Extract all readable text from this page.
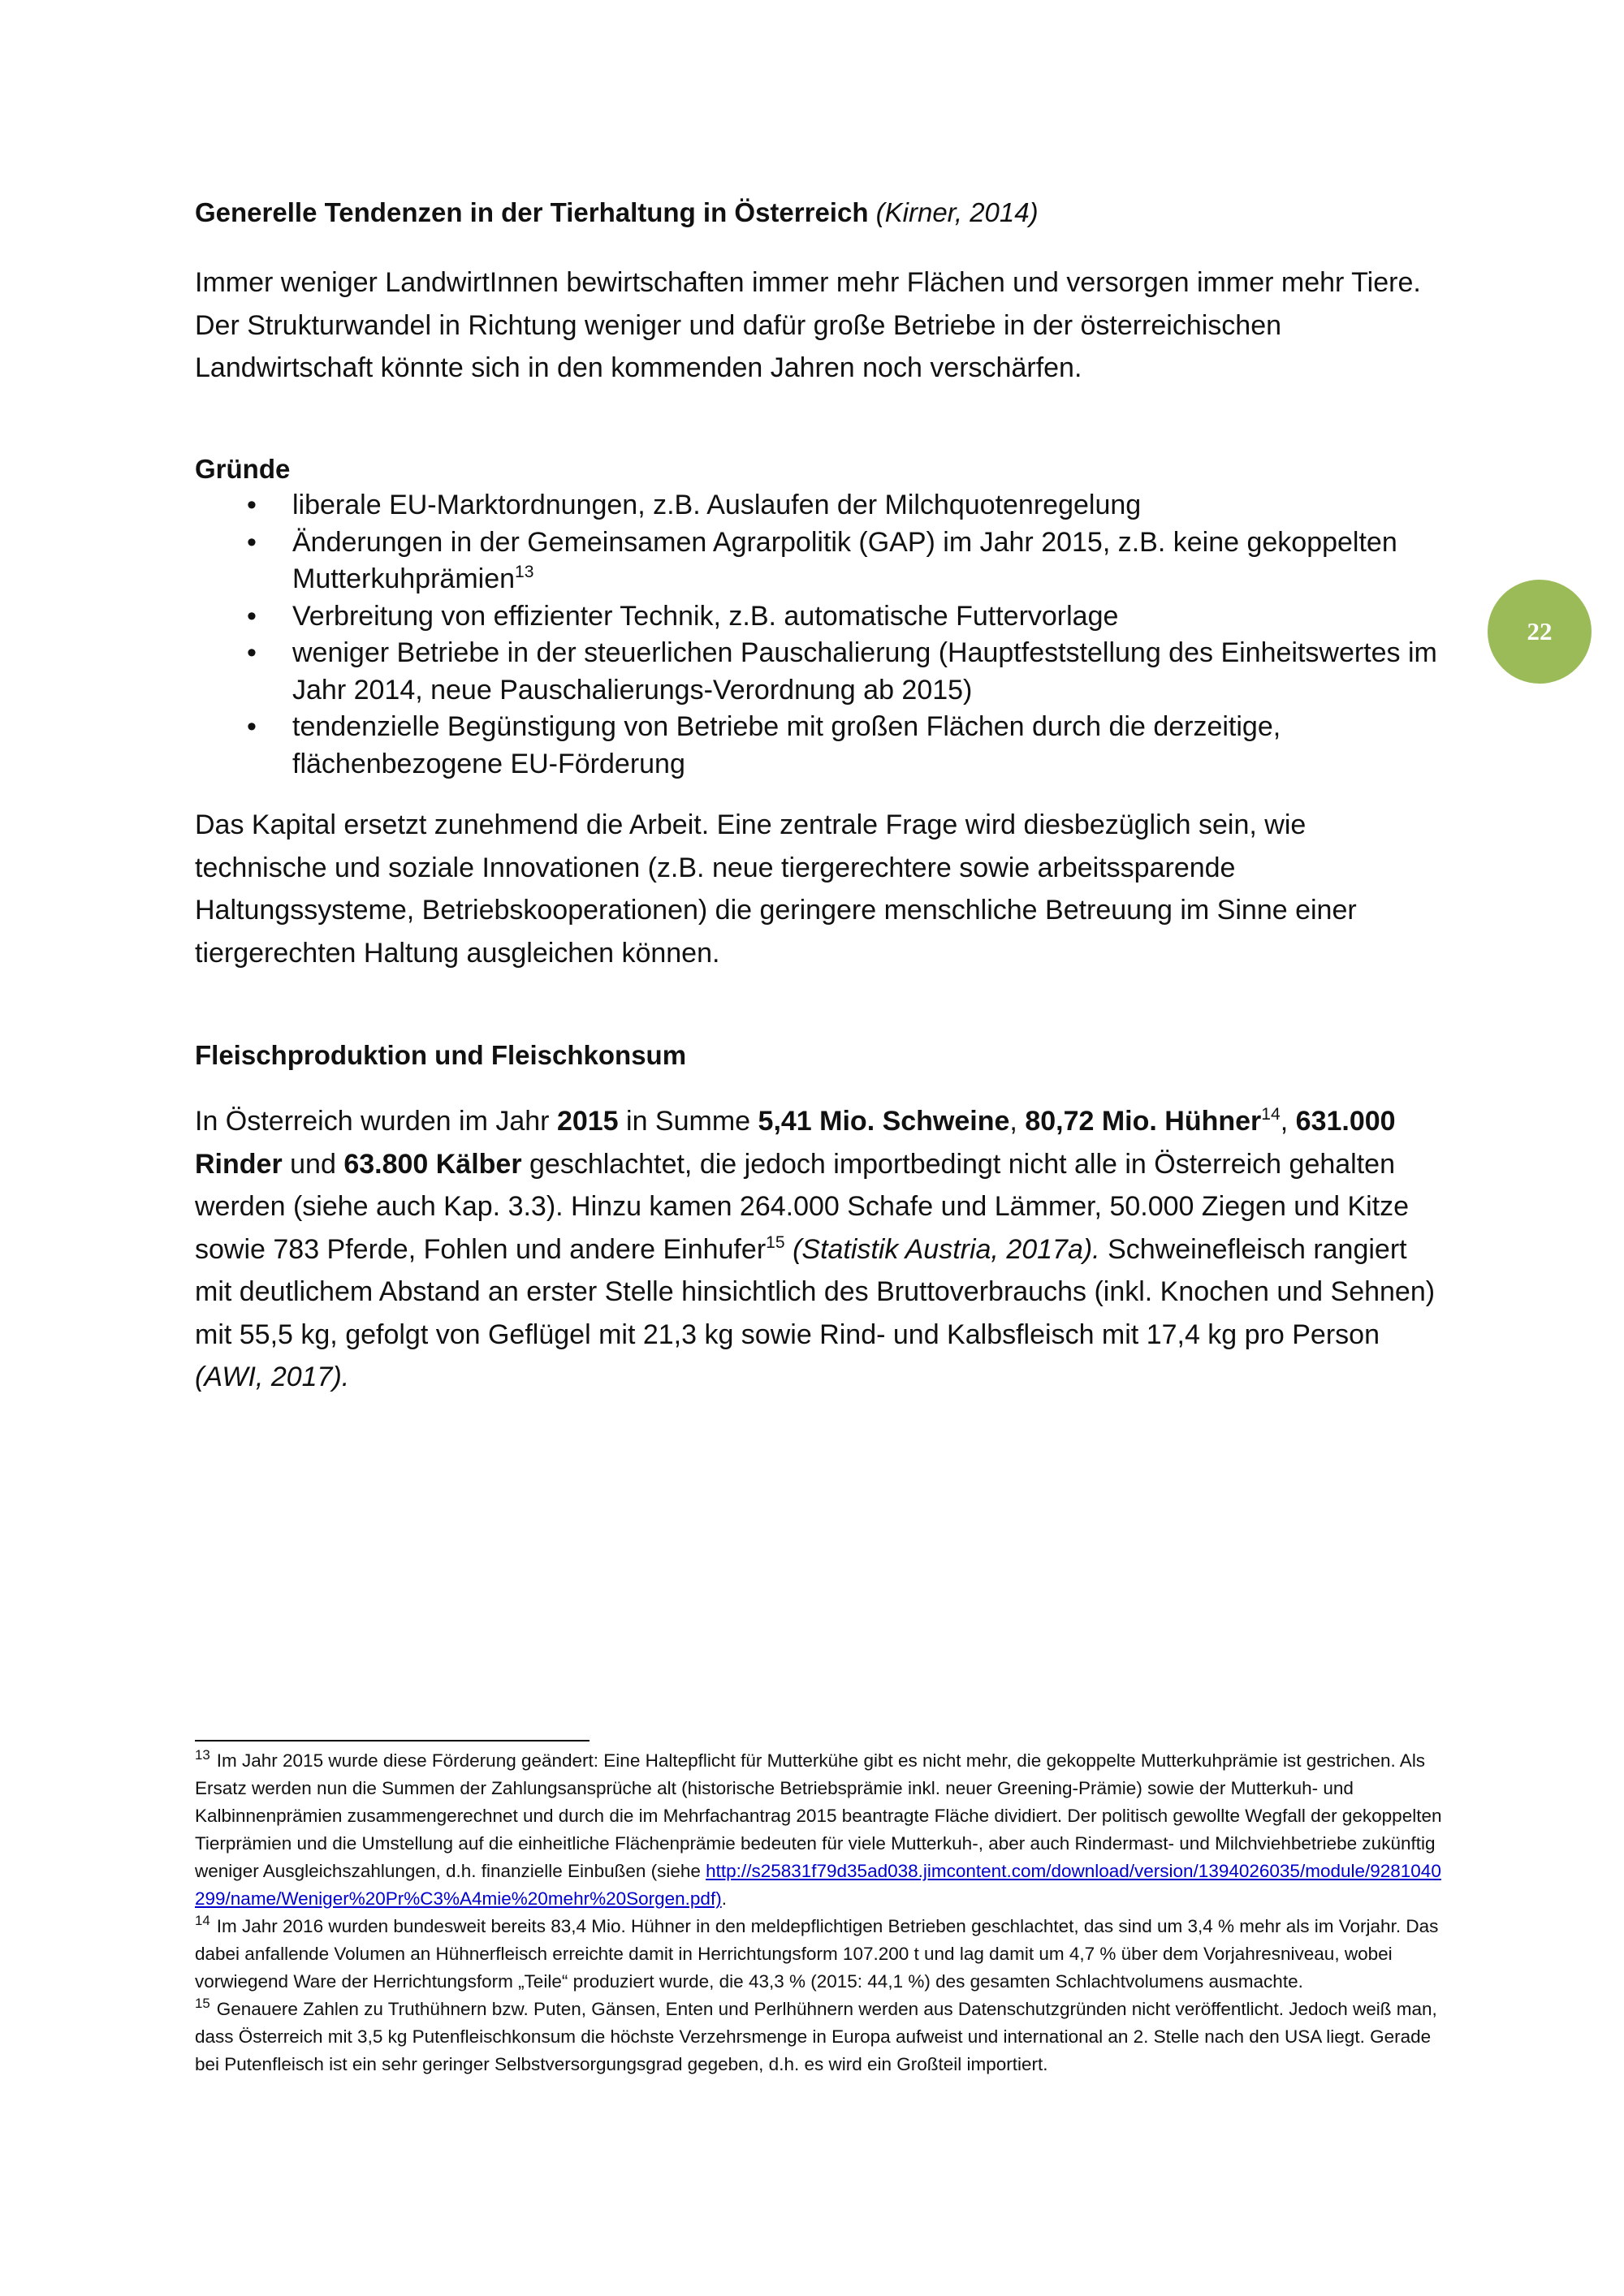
Generelle Tendenzen in der Tierhaltung in Österreich (Kirner, 2014)

Immer weniger LandwirtInnen bewirtschaften immer mehr Flächen und versorgen immer mehr Tiere. Der Strukturwandel in Richtung weniger und dafür große Betriebe in der österreichischen Landwirtschaft könnte sich in den kommenden Jahren noch verschärfen.

Gründe
• liberale EU-Marktordnungen, z.B. Auslaufen der Milchquotenregelung
• Änderungen in der Gemeinsamen Agrarpolitik (GAP) im Jahr 2015, z.B. keine gekoppelten Mutterkuhprämien$^{13}$
• Verbreitung von effizienter Technik, z.B. automatische Futtervorlage
• weniger Betriebe in der steuerlichen Pauschalierung (Hauptfeststellung des Einheitswertes im Jahr 2014, neue Pauschalierungs-Verordnung ab 2015)
• tendenzielle Begünstigung von Betriebe mit großen Flächen durch die derzeitige, flächenbezogene EU-Förderung

Das Kapital ersetzt zunehmend die Arbeit. Eine zentrale Frage wird diesbezüglich sein, wie technische und soziale Innovationen (z.B. neue tiergerechtere sowie arbeitssparende Haltungssysteme, Betriebskooperationen) die geringere menschliche Betreuung im Sinne einer tiergerechten Haltung ausgleichen können.

Fleischproduktion und Fleischkonsum

In Österreich wurden im Jahr 2015 in Summe 5,41 Mio. Schweine, 80,72 Mio. Hühner$^{14}$, 631.000 Rinder und 63.800 Kälber geschlachtet, die jedoch importbedingt nicht alle in Österreich gehalten werden (siehe auch Kap. 3.3). Hinzu kamen 264.000 Schafe und Lämmer, 50.000 Ziegen und Kitze sowie 783 Pferde, Fohlen und andere Einhufer$^{15}$ (Statistik Austria, 2017a). Schweinefleisch rangiert mit deutlichem Abstand an erster Stelle hinsichtlich des Bruttoverbrauchs (inkl. Knochen und Sehnen) mit 55,5 kg, gefolgt von Geflügel mit 21,3 kg sowie Rind- und Kalbsfleisch mit 17,4 kg pro Person (AWI, 2017).

22

$^{13}$ Im Jahr 2015 wurde diese Förderung geändert: Eine Haltepflicht für Mutterkühe gibt es nicht mehr, die gekoppelte Mutterkuhprämie ist gestrichen. Als Ersatz werden nun die Summen der Zahlungsansprüche alt (historische Betriebsprämie inkl. neuer Greening-Prämie) sowie der Mutterkuh- und Kalbinnenprämien zusammengerechnet und durch die im Mehrfachantrag 2015 beantragte Fläche dividiert. Der politisch gewollte Wegfall der gekoppelten Tierprämien und die Umstellung auf die einheitliche Flächenprämie bedeuten für viele Mutterkuh-, aber auch Rindermast- und Milchviehbetriebe zukünftig weniger Ausgleichszahlungen, d.h. finanzielle Einbußen (siehe http://s25831f79d35ad038.jimcontent.com/download/version/1394026035/module/9281040299/name/Weniger%20Pr%C3%A4mie%20mehr%20Sorgen.pdf).

$^{14}$ Im Jahr 2016 wurden bundesweit bereits 83,4 Mio. Hühner in den meldepflichtigen Betrieben geschlachtet, das sind um 3,4 % mehr als im Vorjahr. Das dabei anfallende Volumen an Hühnerfleisch erreichte damit in Herrichtungsform 107.200 t und lag damit um 4,7 % über dem Vorjahresniveau, wobei vorwiegend Ware der Herrichtungsform „Teile“ produziert wurde, die 43,3 % (2015: 44,1 %) des gesamten Schlachtvolumens ausmachte.

$^{15}$ Genauere Zahlen zu Truthühnern bzw. Puten, Gänsen, Enten und Perlhühnern werden aus Datenschutzgründen nicht veröffentlicht. Jedoch weiß man, dass Österreich mit 3,5 kg Putenfleischkonsum die höchste Verzehrsmenge in Europa aufweist und international an 2. Stelle nach den USA liegt. Gerade bei Putenfleisch ist ein sehr geringer Selbstversorgungsgrad gegeben, d.h. es wird ein Großteil importiert.
